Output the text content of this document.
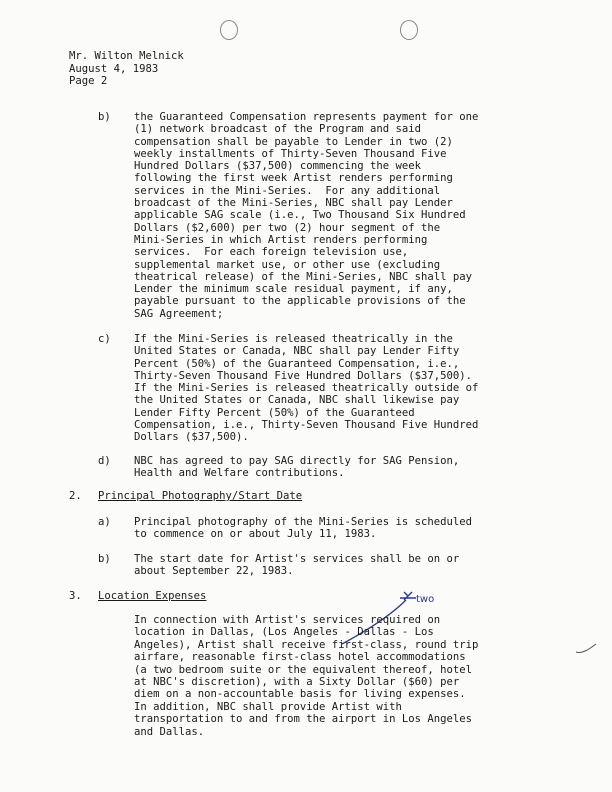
Mr. Wilton Melnick
August 4, 1983
Page 2
b) the Guaranteed Compensation represents payment for one
(1) network broadcast of the Program and said
compensation shall be payable to Lender in two (2)
weekly installments of Thirty-Seven Thousand Five
Hundred Dollars ($37,500) commencing the week
following the first week Artist renders performing
services in the Mini-Series.  For any additional
broadcast of the Mini-Series, NBC shall pay Lender
applicable SAG scale (i.e., Two Thousand Six Hundred
Dollars ($2,600) per two (2) hour segment of the
Mini-Series in which Artist renders performing
services.  For each foreign television use,
supplemental market use, or other use (excluding
theatrical release) of the Mini-Series, NBC shall pay
Lender the minimum scale residual payment, if any,
payable pursuant to the applicable provisions of the
SAG Agreement;
c) If the Mini-Series is released theatrically in the
United States or Canada, NBC shall pay Lender Fifty
Percent (50%) of the Guaranteed Compensation, i.e.,
Thirty-Seven Thousand Five Hundred Dollars ($37,500).
If the Mini-Series is released theatrically outside of
the United States or Canada, NBC shall likewise pay
Lender Fifty Percent (50%) of the Guaranteed
Compensation, i.e., Thirty-Seven Thousand Five Hundred
Dollars ($37,500).
d) NBC has agreed to pay SAG directly for SAG Pension,
Health and Welfare contributions.
2. Principal Photography/Start Date
a) Principal photography of the Mini-Series is scheduled
to commence on or about July 11, 1983.
b) The start date for Artist's services shall be on or
about September 22, 1983.
3. Location Expenses	two
In connection with Artist's services required on
location in Dallas, (Los Angeles - Dallas - Los
Angeles), Artist shall receive first-class, round trip
airfare, reasonable first-class hotel accommodations
(a two bedroom suite or the equivalent thereof, hotel
at NBC's discretion), with a Sixty Dollar ($60) per
diem on a non-accountable basis for living expenses.
In addition, NBC shall provide Artist with
transportation to and from the airport in Los Angeles
and Dallas.
